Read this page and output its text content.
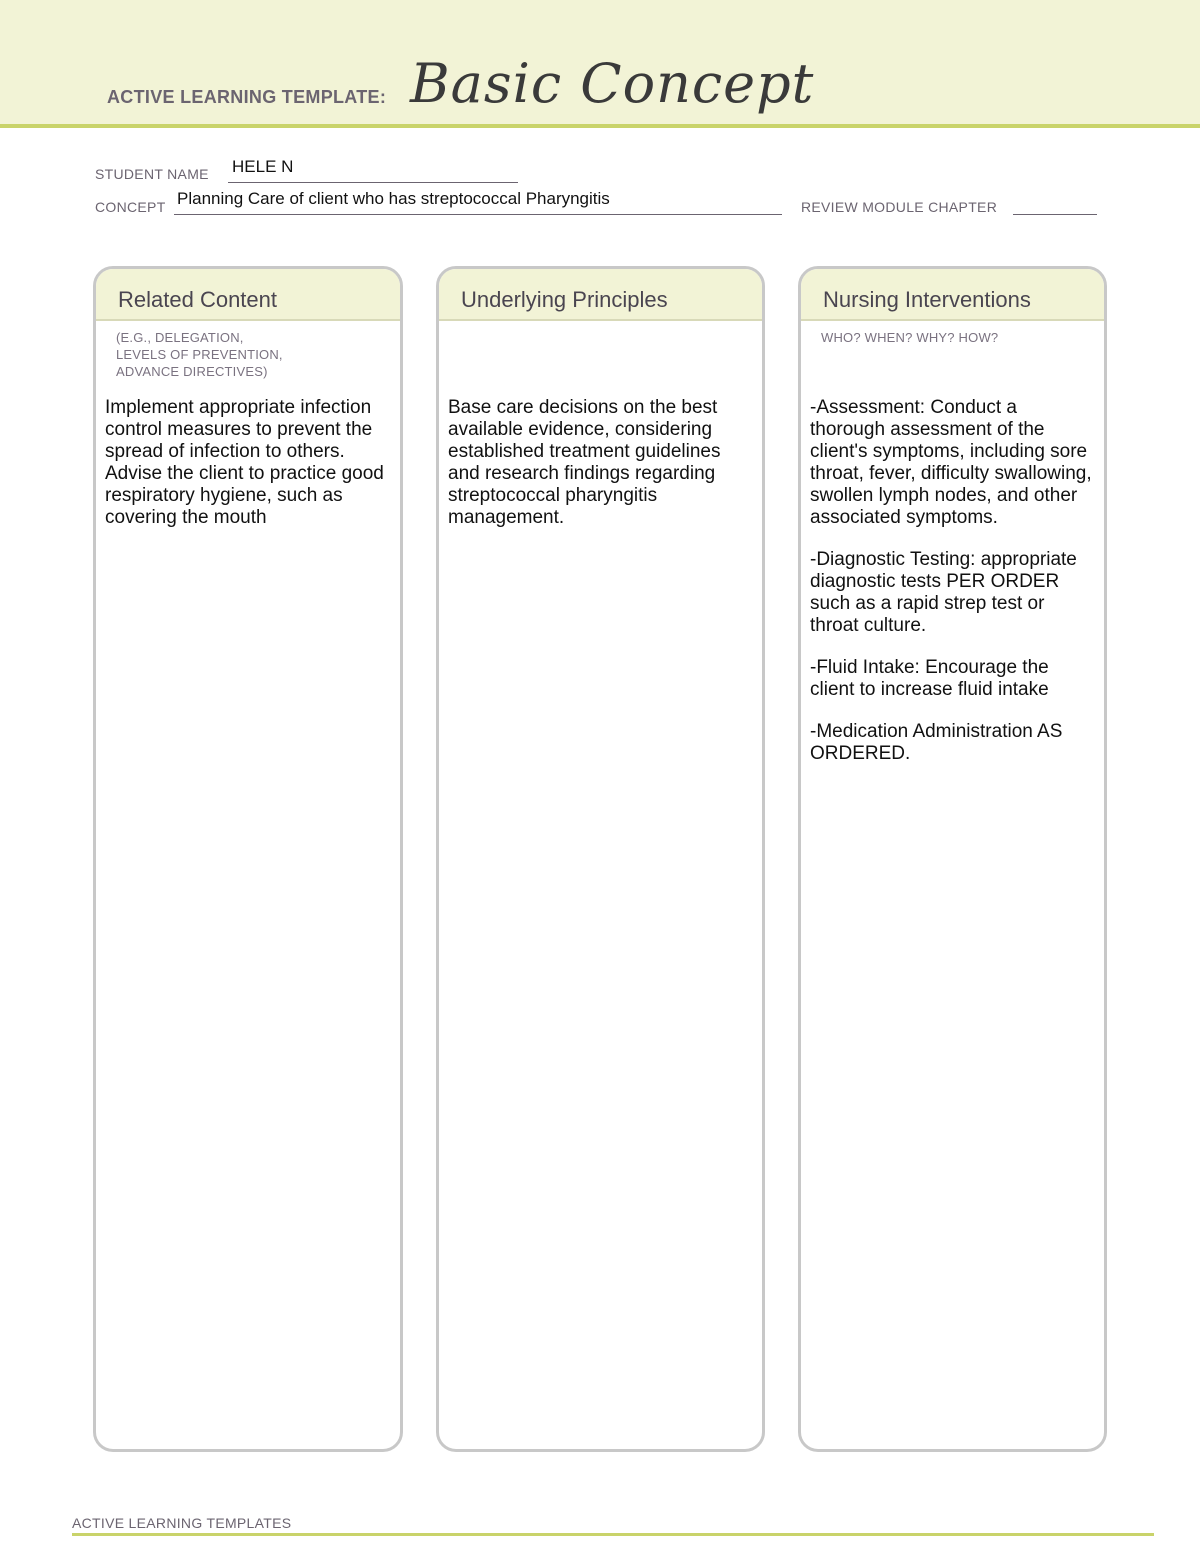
ACTIVE LEARNING TEMPLATE: Basic Concept
STUDENT NAME HELE N
CONCEPT Planning Care of client who has streptococcal Pharyngitis	REVIEW MODULE CHAPTER
Related Content
(E.G., DELEGATION,
LEVELS OF PREVENTION,
ADVANCE DIRECTIVES)

Implement appropriate infection control measures to prevent the spread of infection to others. Advise the client to practice good respiratory hygiene, such as covering the mouth

Underlying Principles

Base care decisions on the best available evidence, considering established treatment guidelines and research findings regarding streptococcal pharyngitis management.

Nursing Interventions
WHO? WHEN? WHY? HOW?

-Assessment: Conduct a thorough assessment of the client's symptoms, including sore throat, fever, difficulty swallowing, swollen lymph nodes, and other associated symptoms.

-Diagnostic Testing: appropriate diagnostic tests PER ORDER such as a rapid strep test or throat culture.

-Fluid Intake: Encourage the client to increase fluid intake

-Medication Administration AS ORDERED.

ACTIVE LEARNING TEMPLATES
